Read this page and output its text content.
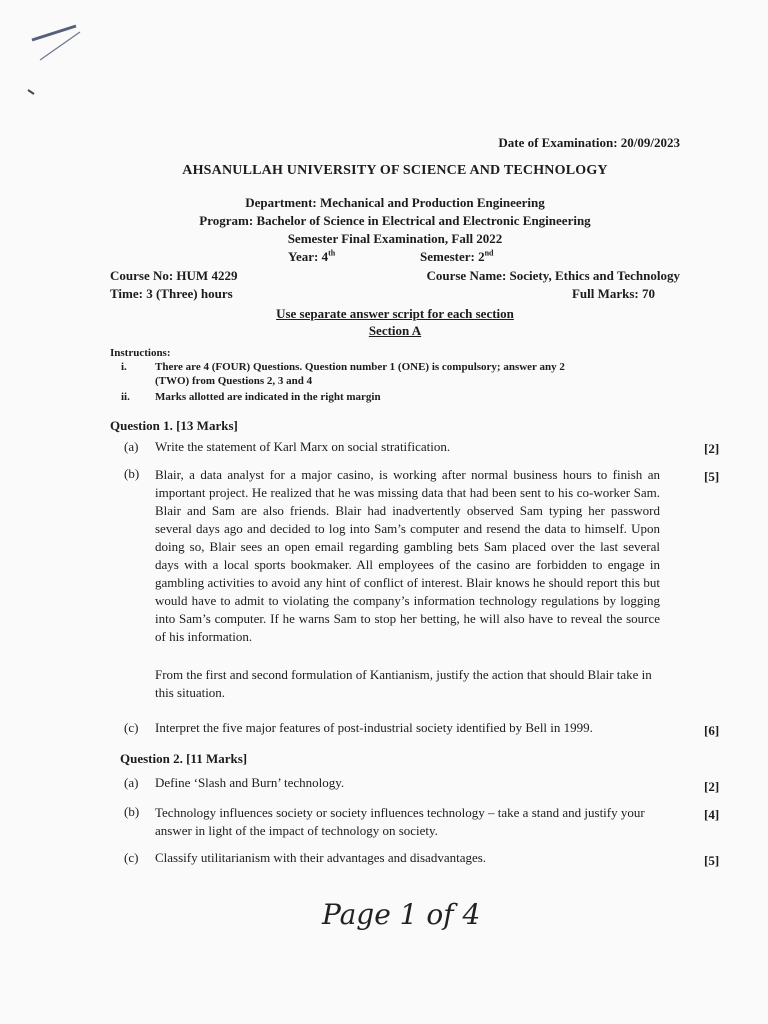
Date of Examination: 20/09/2023
AHSANULLAH UNIVERSITY OF SCIENCE AND TECHNOLOGY
Department: Mechanical and Production Engineering
Program: Bachelor of Science in Electrical and Electronic Engineering
Semester Final Examination, Fall 2022
Year: 4th	Semester: 2nd
Course No: HUM 4229	Course Name: Society, Ethics and Technology
Time: 3 (Three) hours	Full Marks: 70
Use separate answer script for each section
Section A
Instructions:
i.	There are 4 (FOUR) Questions. Question number 1 (ONE) is compulsory; answer any 2
(TWO) from Questions 2, 3 and 4
ii. Marks allotted are indicated in the right margin
Question 1. [13 Marks]
(a) Write the statement of Karl Marx on social stratification.	[2]
(b) Blair, a data analyst for a major casino, is working after normal business hours to finish an important project. He realized that he was missing data that had been sent to his co-worker Sam. Blair and Sam are also friends. Blair had inadvertently observed Sam typing her password several days ago and decided to log into Sam’s computer and resend the data to himself. Upon doing so, Blair sees an open email regarding gambling bets Sam placed over the last several days with a local sports bookmaker. All employees of the casino are forbidden to engage in gambling activities to avoid any hint of conflict of interest. Blair knows he should report this but would have to admit to violating the company’s information technology regulations by logging into Sam’s computer. If he warns Sam to stop her betting, he will also have to reveal the source of his information.
From the first and second formulation of Kantianism, justify the action that should Blair take in this situation.
[5]
(c) Interpret the five major features of post-industrial society identified by Bell in 1999.	[6]
Question 2. [11 Marks]
(a) Define ‘Slash and Burn’ technology.	[2]
(b) Technology influences society or society influences technology – take a stand and justify your answer in light of the impact of technology on society.
[4]
(c) Classify utilitarianism with their advantages and disadvantages.	[5]
Page 1 of 4
